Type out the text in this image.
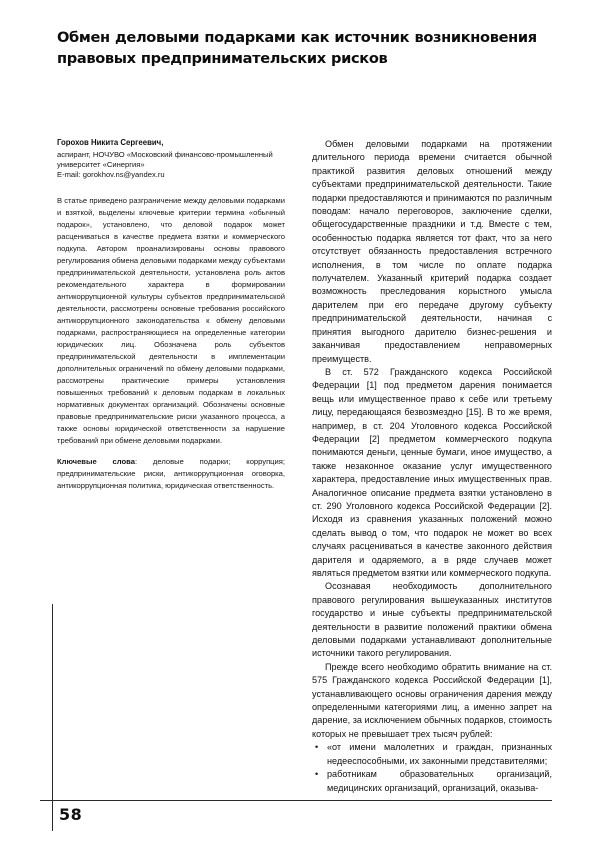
Обмен деловыми подарками как источник возникновения правовых предпринимательских рисков
Горохов Никита Сергеевич,
аспирант, НОЧУВО «Московский финансово-промышленный
университет «Синергия»
E-mail: gorokhov.ns@yandex.ru

В статье приведено разграничение между деловыми подарками и взяткой, выделены ключевые критерии термина «обычный подарок», установлено, что деловой подарок может расцениваться в качестве предмета взятки и коммерческого подкупа. Автором проанализированы основы правового регулирования обмена деловыми подарками между субъектами предпринимательской деятельности, установлена роль актов рекомендательного характера в формировании антикоррупционной культуры субъектов предпринимательской деятельности, рассмотрены основные требования российского антикоррупционного законодательства к обмену деловыми подарками, распространяющиеся на определенные категории юридических лиц. Обозначена роль субъектов предпринимательской деятельности в имплементации дополнительных ограничений по обмену деловыми подарками, рассмотрены практические примеры установления повышенных требований к деловым подаркам в локальных нормативных документах организаций. Обозначены основные правовые предпринимательские риски указанного процесса, а также основы юридической ответственности за нарушение требований при обмене деловыми подарками.

Ключевые слова: деловые подарки; коррупция; предпринимательские риски, антикоррупционная оговорка, антикоррупционная политика, юридическая ответственность.

Обмен деловыми подарками на протяжении длительного периода времени считается обычной практикой развития деловых отношений между субъектами предпринимательской деятельности. Такие подарки предоставляются и принимаются по различным поводам: начало переговоров, заключение сделки, общегосударственные праздники и т.д. Вместе с тем, особенностью подарка является тот факт, что за него отсутствует обязанность предоставления встречного исполнения, в том числе по оплате подарка получателем. Указанный критерий подарка создает возможность преследования корыстного умысла дарителем при его передаче другому субъекту предпринимательской деятельности, начиная с принятия выгодного дарителю бизнес-решения и заканчивая предоставлением неправомерных преимуществ.

В ст. 572 Гражданского кодекса Российской Федерации [1] под предметом дарения понимается вещь или имущественное право к себе или третьему лицу, передающаяся безвозмездно [15]. В то же время, например, в ст. 204 Уголовного кодекса Российской Федерации [2] предметом коммерческого подкупа понимаются деньги, ценные бумаги, иное имущество, а также незаконное оказание услуг имущественного характера, предоставление иных имущественных прав. Аналогичное описание предмета взятки установлено в ст. 290 Уголовного кодекса Российской Федерации [2]. Исходя из сравнения указанных положений можно сделать вывод о том, что подарок не может во всех случаях расцениваться в качестве законного действия дарителя и одаряемого, а в ряде случаев может являться предметом взятки или коммерческого подкупа.

Осознавая необходимость дополнительного правового регулирования вышеуказанных институтов государство и иные субъекты предпринимательской деятельности в развитие положений практики обмена деловыми подарками устанавливают дополнительные источники такого регулирования.

Прежде всего необходимо обратить внимание на ст. 575 Гражданского кодекса Российской Федерации [1], устанавливающего основы ограничения дарения между определенными категориями лиц, а именно запрет на дарение, за исключением обычных подарков, стоимость которых не превышает трех тысяч рублей:

• «от имени малолетних и граждан, признанных недееспособными, их законными представителями;
• работникам образовательных организаций, медицинских организаций, организаций, оказыва-
58
